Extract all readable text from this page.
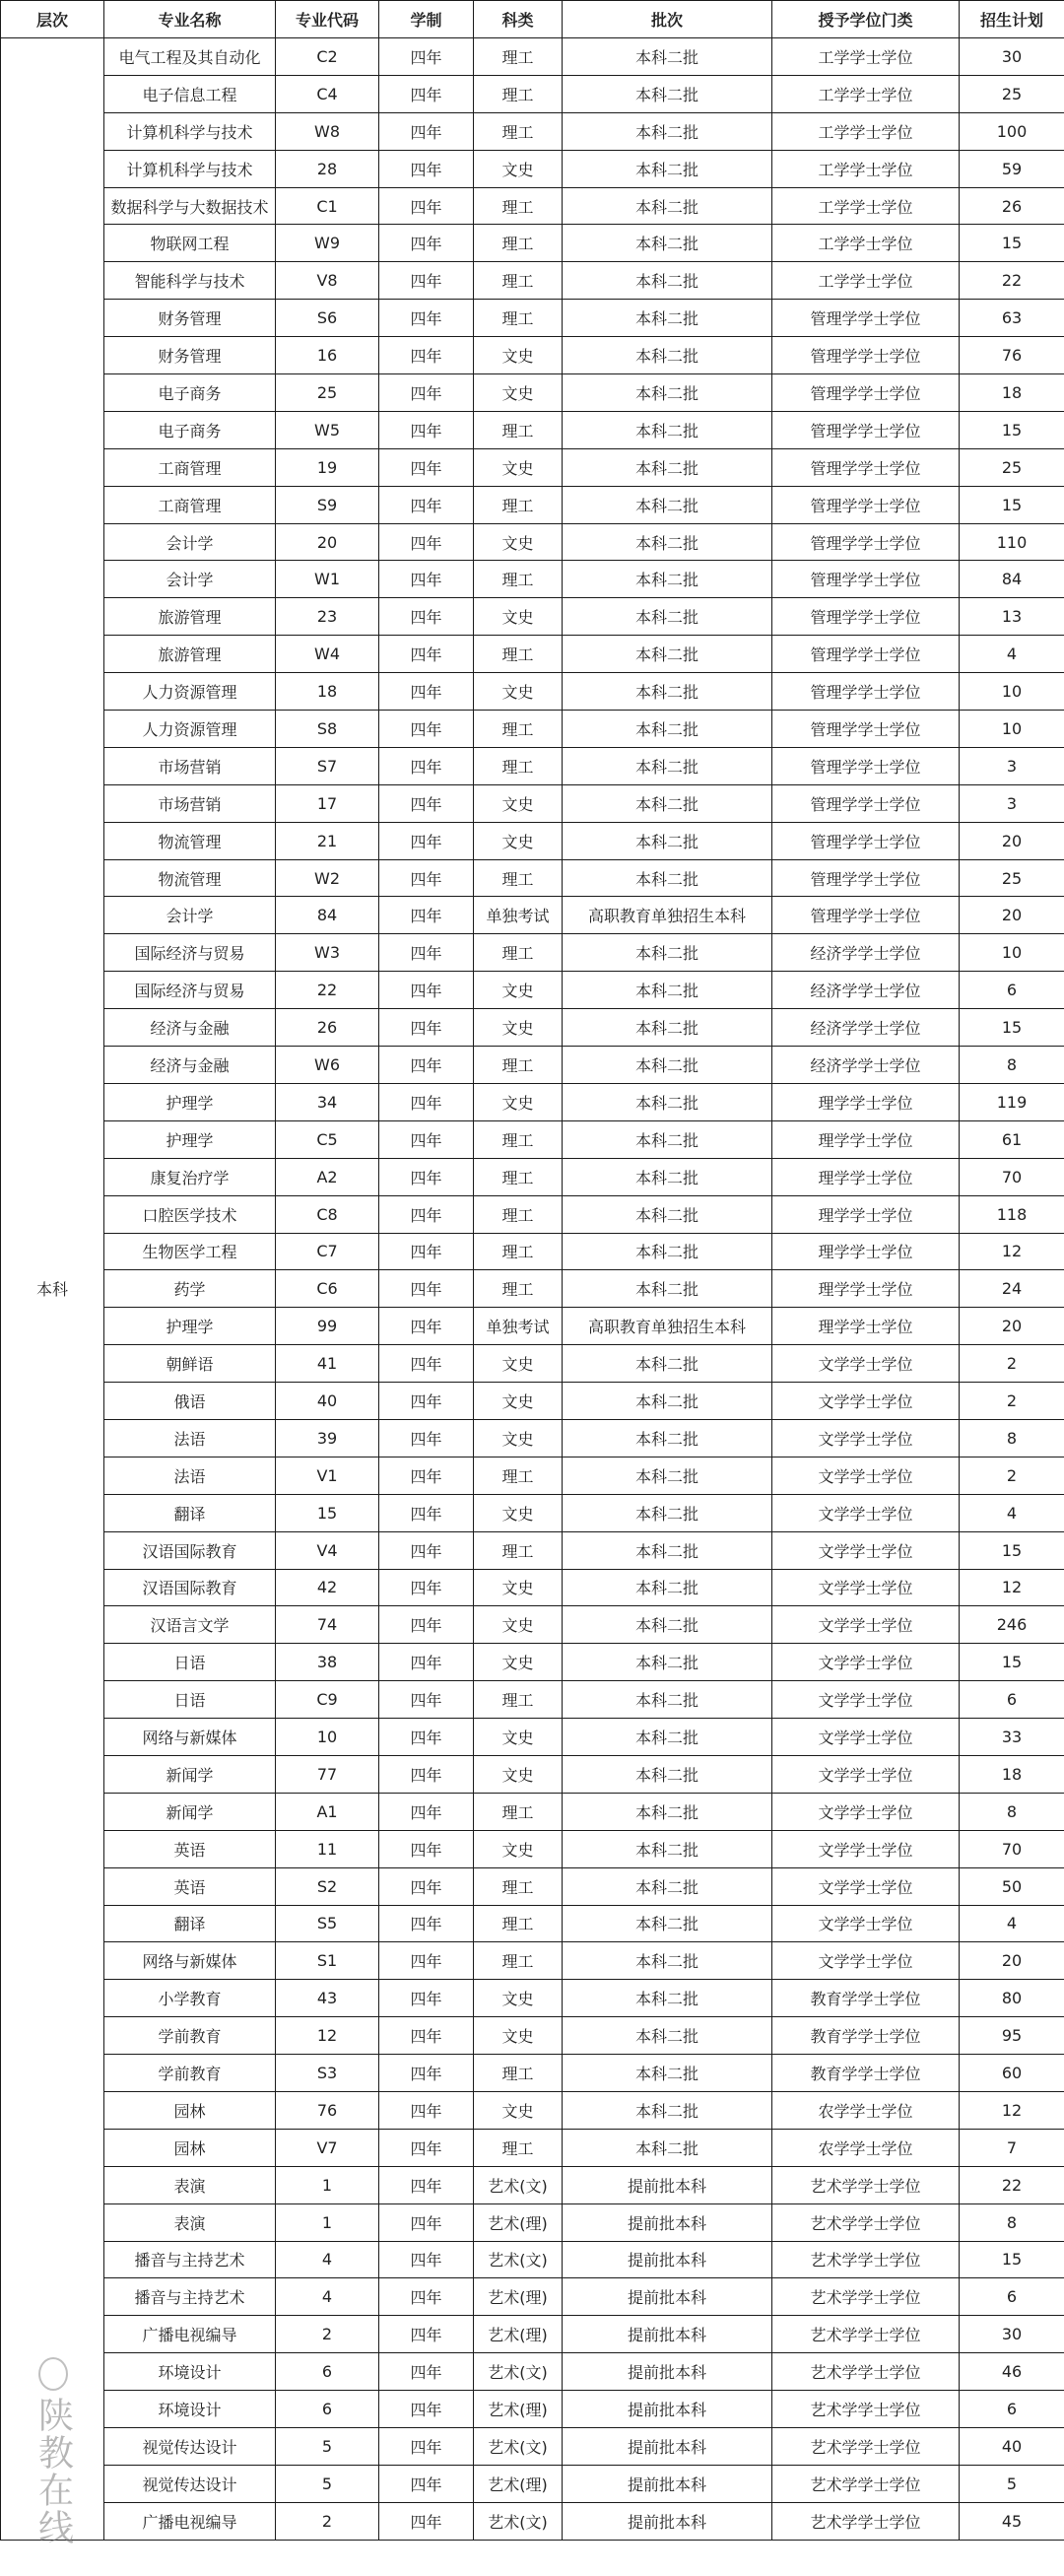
层次	专业名称	专业代码	学制	科类	批次	授予学位门类	招生计划
本科	电气工程及其自动化	C2	四年	理工	本科二批	工学学士学位	30
	电子信息工程	C4	四年	理工	本科二批	工学学士学位	25
	计算机科学与技术	W8	四年	理工	本科二批	工学学士学位	100
	计算机科学与技术	28	四年	文史	本科二批	工学学士学位	59
	数据科学与大数据技术	C1	四年	理工	本科二批	工学学士学位	26
	物联网工程	W9	四年	理工	本科二批	工学学士学位	15
	智能科学与技术	V8	四年	理工	本科二批	工学学士学位	22
	财务管理	S6	四年	理工	本科二批	管理学学士学位	63
	财务管理	16	四年	文史	本科二批	管理学学士学位	76
	电子商务	25	四年	文史	本科二批	管理学学士学位	18
	电子商务	W5	四年	理工	本科二批	管理学学士学位	15
	工商管理	19	四年	文史	本科二批	管理学学士学位	25
	工商管理	S9	四年	理工	本科二批	管理学学士学位	15
	会计学	20	四年	文史	本科二批	管理学学士学位	110
	会计学	W1	四年	理工	本科二批	管理学学士学位	84
	旅游管理	23	四年	文史	本科二批	管理学学士学位	13
	旅游管理	W4	四年	理工	本科二批	管理学学士学位	4
	人力资源管理	18	四年	文史	本科二批	管理学学士学位	10
	人力资源管理	S8	四年	理工	本科二批	管理学学士学位	10
	市场营销	S7	四年	理工	本科二批	管理学学士学位	3
	市场营销	17	四年	文史	本科二批	管理学学士学位	3
	物流管理	21	四年	文史	本科二批	管理学学士学位	20
	物流管理	W2	四年	理工	本科二批	管理学学士学位	25
	会计学	84	四年	单独考试	高职教育单独招生本科	管理学学士学位	20
	国际经济与贸易	W3	四年	理工	本科二批	经济学学士学位	10
	国际经济与贸易	22	四年	文史	本科二批	经济学学士学位	6
	经济与金融	26	四年	文史	本科二批	经济学学士学位	15
	经济与金融	W6	四年	理工	本科二批	经济学学士学位	8
	护理学	34	四年	文史	本科二批	理学学士学位	119
	护理学	C5	四年	理工	本科二批	理学学士学位	61
	康复治疗学	A2	四年	理工	本科二批	理学学士学位	70
	口腔医学技术	C8	四年	理工	本科二批	理学学士学位	118
	生物医学工程	C7	四年	理工	本科二批	理学学士学位	12
	药学	C6	四年	理工	本科二批	理学学士学位	24
	护理学	99	四年	单独考试	高职教育单独招生本科	理学学士学位	20
	朝鲜语	41	四年	文史	本科二批	文学学士学位	2
	俄语	40	四年	文史	本科二批	文学学士学位	2
	法语	39	四年	文史	本科二批	文学学士学位	8
	法语	V1	四年	理工	本科二批	文学学士学位	2
	翻译	15	四年	文史	本科二批	文学学士学位	4
	汉语国际教育	V4	四年	理工	本科二批	文学学士学位	15
	汉语国际教育	42	四年	文史	本科二批	文学学士学位	12
	汉语言文学	74	四年	文史	本科二批	文学学士学位	246
	日语	38	四年	文史	本科二批	文学学士学位	15
	日语	C9	四年	理工	本科二批	文学学士学位	6
	网络与新媒体	10	四年	文史	本科二批	文学学士学位	33
	新闻学	77	四年	文史	本科二批	文学学士学位	18
	新闻学	A1	四年	理工	本科二批	文学学士学位	8
	英语	11	四年	文史	本科二批	文学学士学位	70
	英语	S2	四年	理工	本科二批	文学学士学位	50
	翻译	S5	四年	理工	本科二批	文学学士学位	4
	网络与新媒体	S1	四年	理工	本科二批	文学学士学位	20
	小学教育	43	四年	文史	本科二批	教育学学士学位	80
	学前教育	12	四年	文史	本科二批	教育学学士学位	95
	学前教育	S3	四年	理工	本科二批	教育学学士学位	60
	园林	76	四年	文史	本科二批	农学学士学位	12
	园林	V7	四年	理工	本科二批	农学学士学位	7
	表演	1	四年	艺术(文)	提前批本科	艺术学学士学位	22
	表演	1	四年	艺术(理)	提前批本科	艺术学学士学位	8
	播音与主持艺术	4	四年	艺术(文)	提前批本科	艺术学学士学位	15
	播音与主持艺术	4	四年	艺术(理)	提前批本科	艺术学学士学位	6
	广播电视编导	2	四年	艺术(理)	提前批本科	艺术学学士学位	30
	环境设计	6	四年	艺术(文)	提前批本科	艺术学学士学位	46
	环境设计	6	四年	艺术(理)	提前批本科	艺术学学士学位	6
	视觉传达设计	5	四年	艺术(文)	提前批本科	艺术学学士学位	40
	视觉传达设计	5	四年	艺术(理)	提前批本科	艺术学学士学位	5
	广播电视编导	2	四年	艺术(文)	提前批本科	艺术学学士学位	45
陕教在线
